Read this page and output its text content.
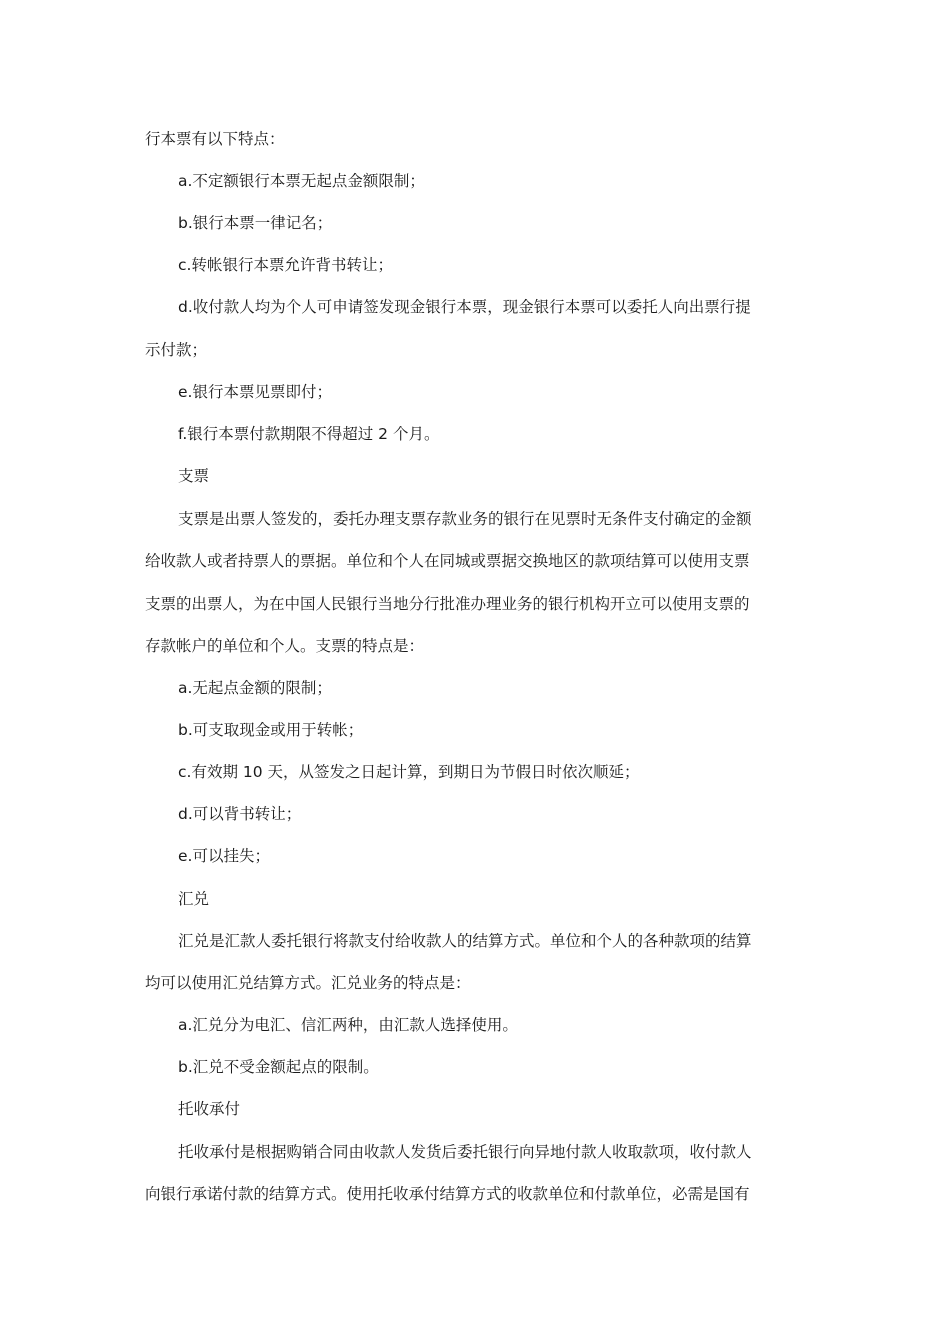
行本票有以下特点：
a.不定额银行本票无起点金额限制；
b.银行本票一律记名；
c.转帐银行本票允许背书转让；
d.收付款人均为个人可申请签发现金银行本票，现金银行本票可以委托人向出票行提
示付款；
e.银行本票见票即付；
f.银行本票付款期限不得超过 2 个月。
支票
支票是出票人签发的，委托办理支票存款业务的银行在见票时无条件支付确定的金额
给收款人或者持票人的票据。单位和个人在同城或票据交换地区的款项结算可以使用支票
支票的出票人，为在中国人民银行当地分行批准办理业务的银行机构开立可以使用支票的
存款帐户的单位和个人。支票的特点是：
a.无起点金额的限制；
b.可支取现金或用于转帐；
c.有效期 10 天，从签发之日起计算，到期日为节假日时依次顺延；
d.可以背书转让；
e.可以挂失；
汇兑
汇兑是汇款人委托银行将款支付给收款人的结算方式。单位和个人的各种款项的结算
均可以使用汇兑结算方式。汇兑业务的特点是：
a.汇兑分为电汇、信汇两种，由汇款人选择使用。
b.汇兑不受金额起点的限制。
托收承付
托收承付是根据购销合同由收款人发货后委托银行向异地付款人收取款项，收付款人
向银行承诺付款的结算方式。使用托收承付结算方式的收款单位和付款单位，必需是国有
